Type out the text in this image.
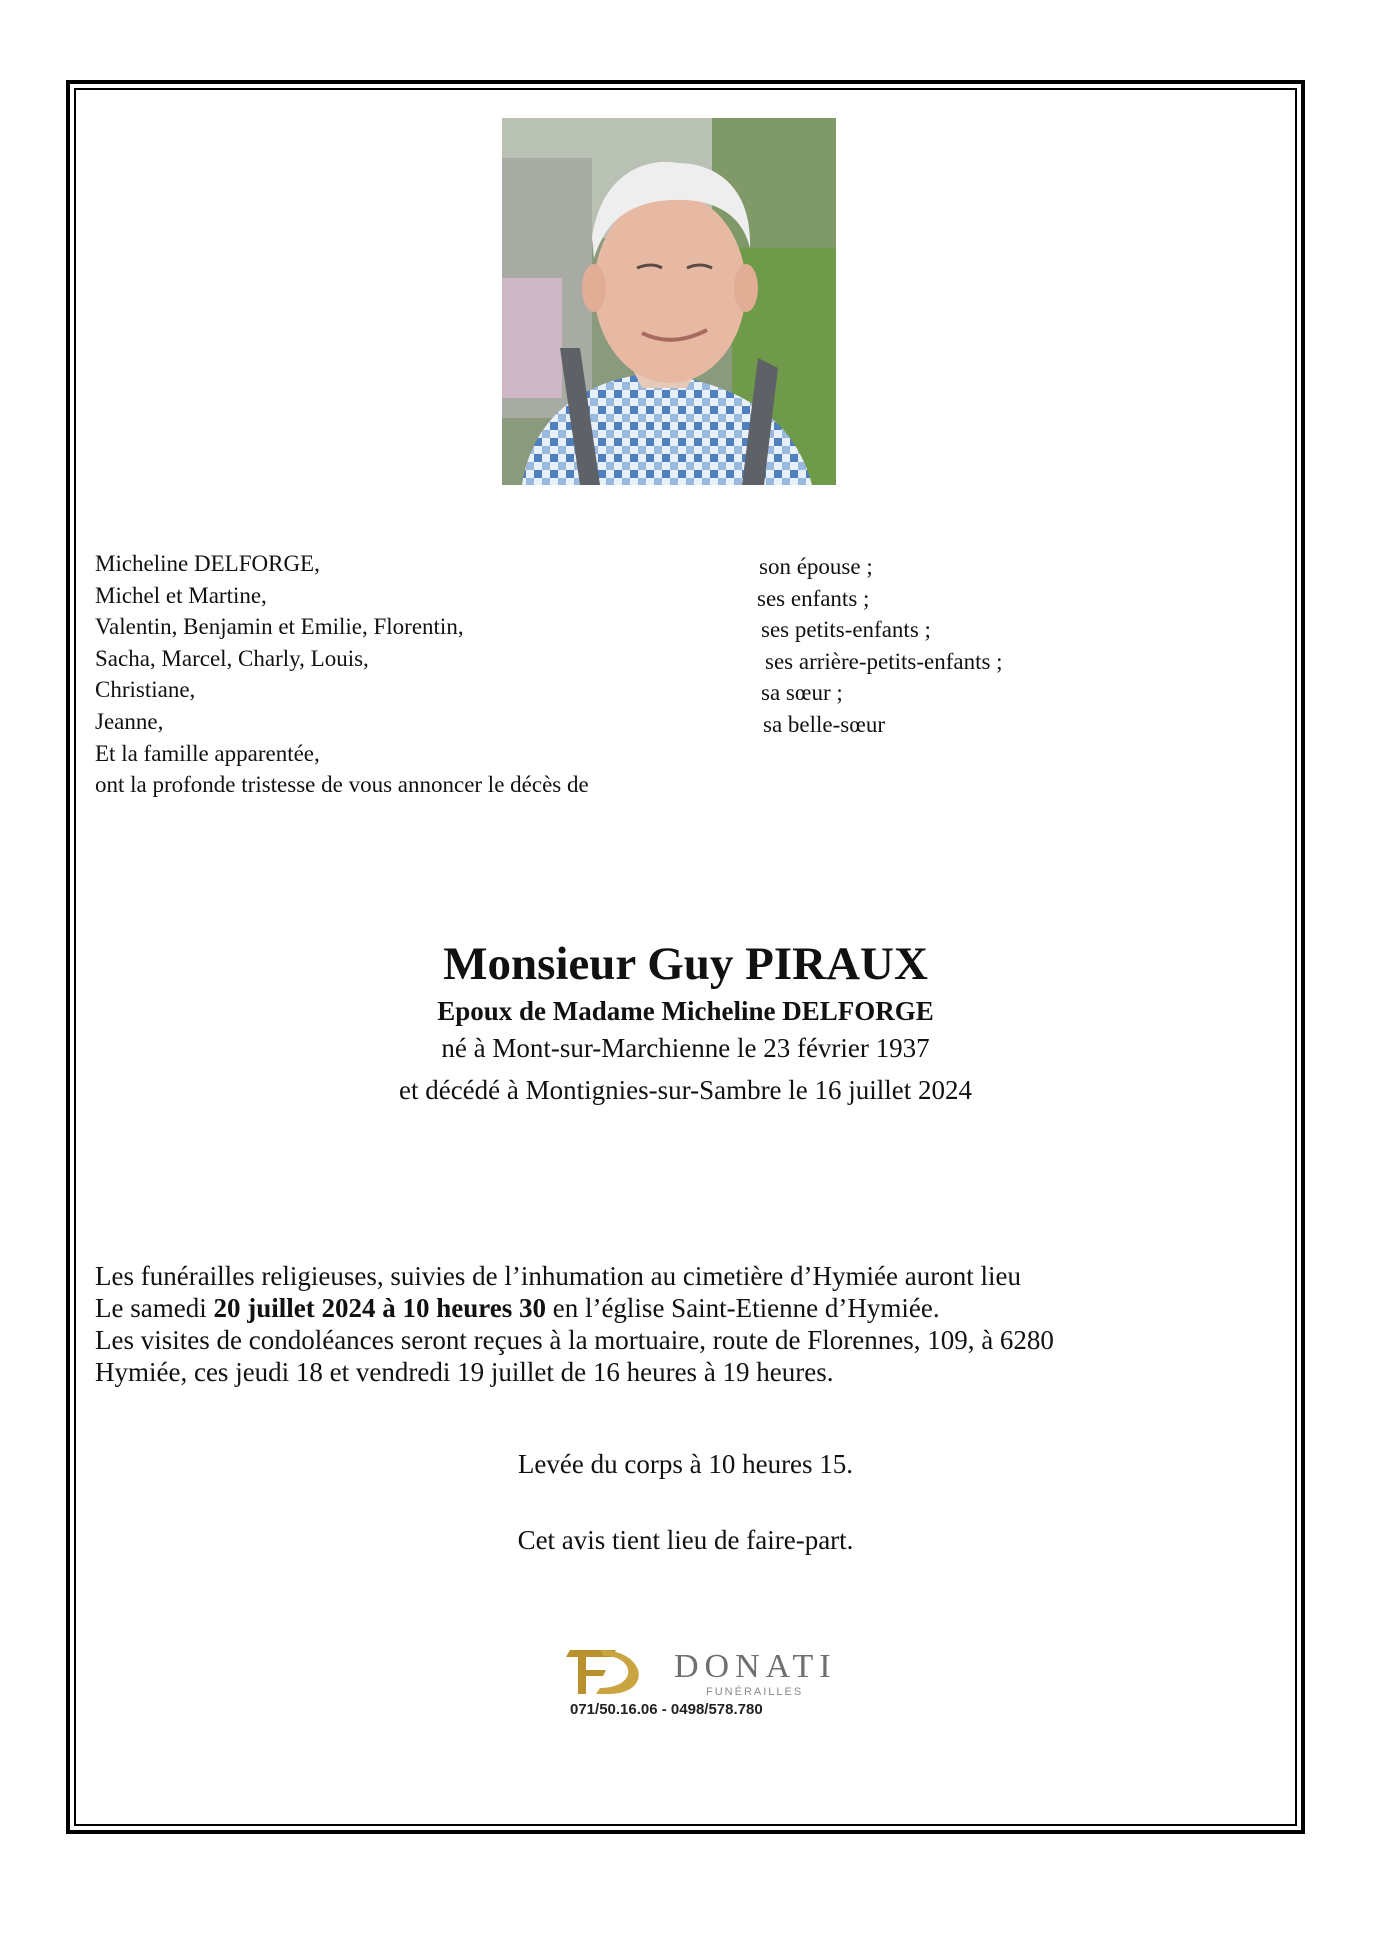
Micheline DELFORGE,	son épouse ;
Michel et Martine,	ses enfants ;
Valentin, Benjamin et Emilie, Florentin,	ses petits-enfants ;
Sacha, Marcel, Charly, Louis,	ses arrière-petits-enfants ;
Christiane,	sa sœur ;
Jeanne,	sa belle-sœur
Et la famille apparentée,
ont la profonde tristesse de vous annoncer le décès de
Monsieur Guy PIRAUX
Epoux de Madame Micheline DELFORGE
né à Mont-sur-Marchienne le 23 février 1937
et décédé à Montignies-sur-Sambre le 16 juillet 2024
Les funérailles religieuses, suivies de l’inhumation au cimetière d’Hymiée auront lieu
Le samedi 20 juillet 2024 à 10 heures 30 en l’église Saint-Etienne d’Hymiée.
Les visites de condoléances seront reçues à la mortuaire, route de Florennes, 109, à 6280
Hymiée, ces jeudi 18 et vendredi 19 juillet de 16 heures à 19 heures.
Levée du corps à 10 heures 15.
Cet avis tient lieu de faire-part.
DONATI
FUNÉRAILLES
071/50.16.06 - 0498/578.780
